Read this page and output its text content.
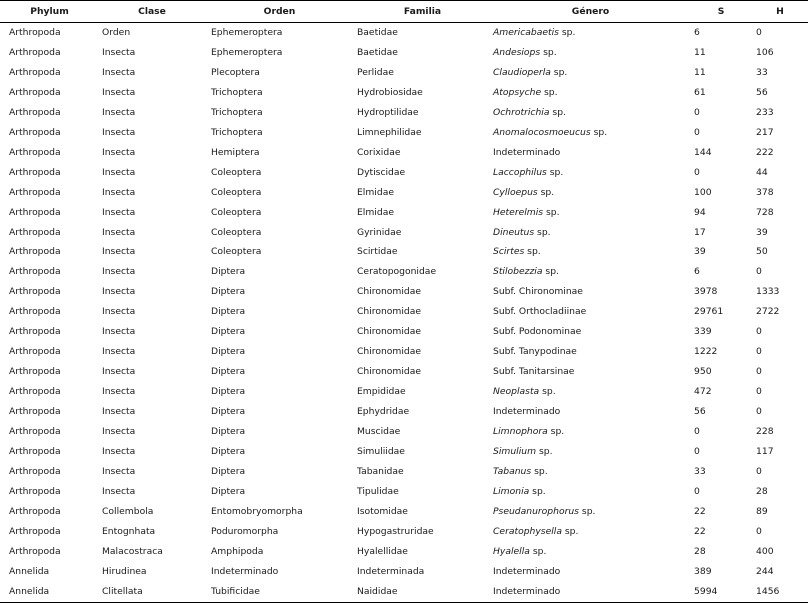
Phylum	Clase	Orden	Familia	Género	S	H
Arthropoda	Orden	Ephemeroptera	Baetidae	Americabaetis sp.	6	0
Arthropoda	Insecta	Ephemeroptera	Baetidae	Andesiops sp.	11	106
Arthropoda	Insecta	Plecoptera	Perlidae	Claudioperla sp.	11	33
Arthropoda	Insecta	Trichoptera	Hydrobiosidae	Atopsyche sp.	61	56
Arthropoda	Insecta	Trichoptera	Hydroptilidae	Ochrotrichia sp.	0	233
Arthropoda	Insecta	Trichoptera	Limnephilidae	Anomalocosmoeucus sp.	0	217
Arthropoda	Insecta	Hemiptera	Corixidae	Indeterminado	144	222
Arthropoda	Insecta	Coleoptera	Dytiscidae	Laccophilus sp.	0	44
Arthropoda	Insecta	Coleoptera	Elmidae	Cylloepus sp.	100	378
Arthropoda	Insecta	Coleoptera	Elmidae	Heterelmis sp.	94	728
Arthropoda	Insecta	Coleoptera	Gyrinidae	Dineutus sp.	17	39
Arthropoda	Insecta	Coleoptera	Scirtidae	Scirtes sp.	39	50
Arthropoda	Insecta	Diptera	Ceratopogonidae	Stilobezzia sp.	6	0
Arthropoda	Insecta	Diptera	Chironomidae	Subf. Chironominae	3978	1333
Arthropoda	Insecta	Diptera	Chironomidae	Subf. Orthocladiinae	29761	2722
Arthropoda	Insecta	Diptera	Chironomidae	Subf. Podonominae	339	0
Arthropoda	Insecta	Diptera	Chironomidae	Subf. Tanypodinae	1222	0
Arthropoda	Insecta	Diptera	Chironomidae	Subf. Tanitarsinae	950	0
Arthropoda	Insecta	Diptera	Empididae	Neoplasta sp.	472	0
Arthropoda	Insecta	Diptera	Ephydridae	Indeterminado	56	0
Arthropoda	Insecta	Diptera	Muscidae	Limnophora sp.	0	228
Arthropoda	Insecta	Diptera	Simuliidae	Simulium sp.	0	117
Arthropoda	Insecta	Diptera	Tabanidae	Tabanus sp.	33	0
Arthropoda	Insecta	Diptera	Tipulidae	Limonia sp.	0	28
Arthropoda	Collembola	Entomobryomorpha	Isotomidae	Pseudanurophorus sp.	22	89
Arthropoda	Entognhata	Poduromorpha	Hypogastruridae	Ceratophysella sp.	22	0
Arthropoda	Malacostraca	Amphipoda	Hyalellidae	Hyalella sp.	28	400
Annelida	Hirudinea	Indeterminado	Indeterminada	Indeterminado	389	244
Annelida	Clitellata	Tubificidae	Naididae	Indeterminado	5994	1456
